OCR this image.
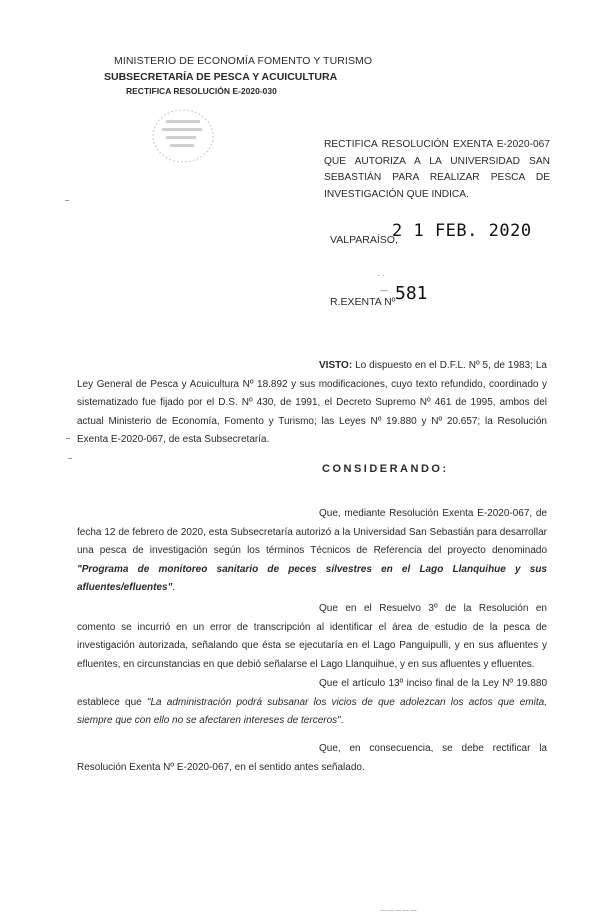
MINISTERIO DE ECONOMÍA FOMENTO Y TURISMO
SUBSECRETARÍA DE PESCA Y ACUICULTURA
RECTIFICA RESOLUCIÓN E-2020-030
RECTIFICA RESOLUCIÓN EXENTA E-2020-067 QUE AUTORIZA A LA UNIVERSIDAD SAN SEBASTIÁN PARA REALIZAR PESCA DE INVESTIGACIÓN QUE INDICA.
VALPARAÍSO,
2 1 FEB. 2020
· ·
—
R.EXENTA Nº 581
VISTO: Lo dispuesto en el D.F.L. Nº 5, de 1983; La Ley General de Pesca y Acuicultura Nº 18.892 y sus modificaciones, cuyo texto refundido, coordinado y sistematizado fue fijado por el D.S. Nº 430, de 1991, el Decreto Supremo Nº 461 de 1995, ambos del actual Ministerio de Economía, Fomento y Turismo; las Leyes Nº 19.880 y Nº 20.657; la Resolución Exenta E-2020-067, de esta Subsecretaría.
CONSIDERANDO:
Que, mediante Resolución Exenta E-2020-067, de fecha 12 de febrero de 2020, esta Subsecretaría autorizó a la Universidad San Sebastián para desarrollar una pesca de investigación según los términos Técnicos de Referencia del proyecto denominado "Programa de monitoreo sanitario de peces silvestres en el Lago Llanquihue y sus afluentes/efluentes".
Que en el Resuelvo 3º de la Resolución en comento se incurrió en un error de transcripción al identificar el área de estudio de la pesca de investigación autorizada, señalando que ésta se ejecutaría en el Lago Panguipulli, y en sus afluentes y efluentes, en circunstancias en que debió señalarse el Lago Llanquihue, y en sus afluentes y efluentes.
Que el artículo 13º inciso final de la Ley Nº 19.880 establece que "La administración podrá subsanar los vicios de que adolezcan los actos que emita, siempre que con ello no se afectaren intereses de terceros".
Que, en consecuencia, se debe rectificar la Resolución Exenta Nº E-2020-067, en el sentido antes señalado.
— — — — —
